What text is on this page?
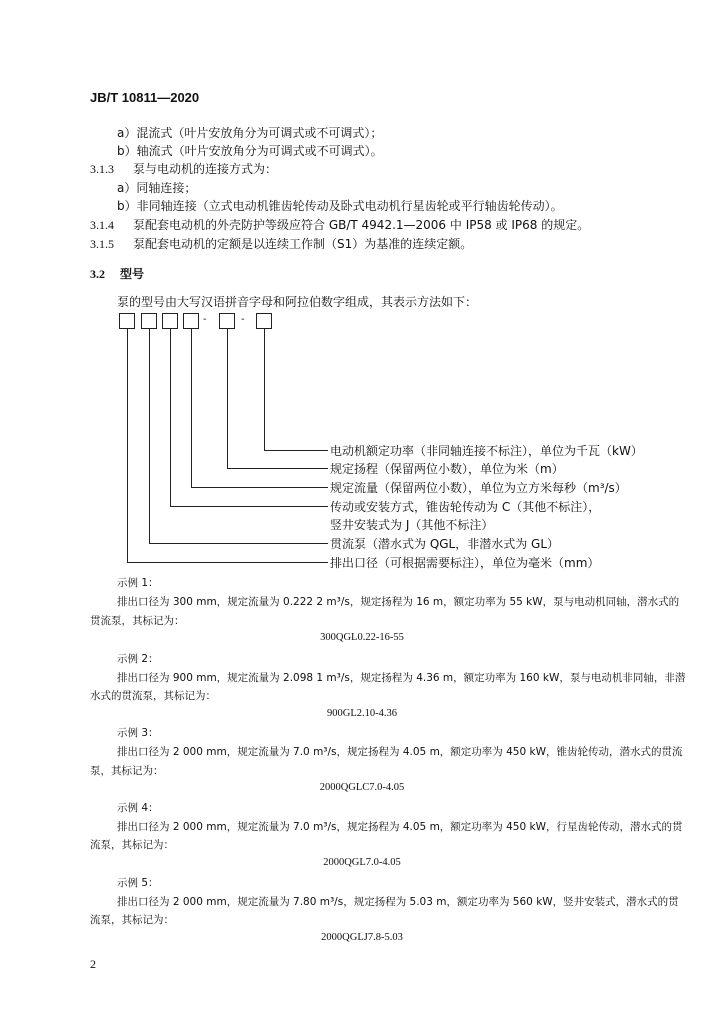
JB/T 10811—2020
a）混流式（叶片安放角分为可调式或不可调式）；
b）轴流式（叶片安放角分为可调式或不可调式）。
3.1.3 泵与电动机的连接方式为：
a）同轴连接；
b）非同轴连接（立式电动机锥齿轮传动及卧式电动机行星齿轮或平行轴齿轮传动）。
3.1.4 泵配套电动机的外壳防护等级应符合 GB/T 4942.1—2006 中 IP58 或 IP68 的规定。
3.1.5 泵配套电动机的定额是以连续工作制（S1）为基准的连续定额。
3.2 型号
泵的型号由大写汉语拼音字母和阿拉伯数字组成，其表示方法如下：
-	-
电动机额定功率（非同轴连接不标注），单位为千瓦（kW）
规定扬程（保留两位小数），单位为米（m）
规定流量（保留两位小数），单位为立方米每秒（m³/s）
传动或安装方式，锥齿轮传动为 C（其他不标注），
竖井安装式为 J（其他不标注）
贯流泵（潜水式为 QGL，非潜水式为 GL）
排出口径（可根据需要标注），单位为毫米（mm）
示例 1：
排出口径为 300 mm，规定流量为 0.222 2 m³/s，规定扬程为 16 m，额定功率为 55 kW，泵与电动机同轴，潜水式的
贯流泵，其标记为：
300QGL0.22-16-55
示例 2：
排出口径为 900 mm，规定流量为 2.098 1 m³/s，规定扬程为 4.36 m，额定功率为 160 kW，泵与电动机非同轴，非潜
水式的贯流泵，其标记为：
900GL2.10-4.36
示例 3：
排出口径为 2 000 mm，规定流量为 7.0 m³/s，规定扬程为 4.05 m，额定功率为 450 kW，锥齿轮传动，潜水式的贯流
泵，其标记为：
2000QGLC7.0-4.05
示例 4：
排出口径为 2 000 mm，规定流量为 7.0 m³/s，规定扬程为 4.05 m，额定功率为 450 kW，行星齿轮传动，潜水式的贯
流泵，其标记为：
2000QGL7.0-4.05
示例 5：
排出口径为 2 000 mm，规定流量为 7.80 m³/s，规定扬程为 5.03 m，额定功率为 560 kW，竖井安装式，潜水式的贯
流泵，其标记为：
2000QGLJ7.8-5.03
2
